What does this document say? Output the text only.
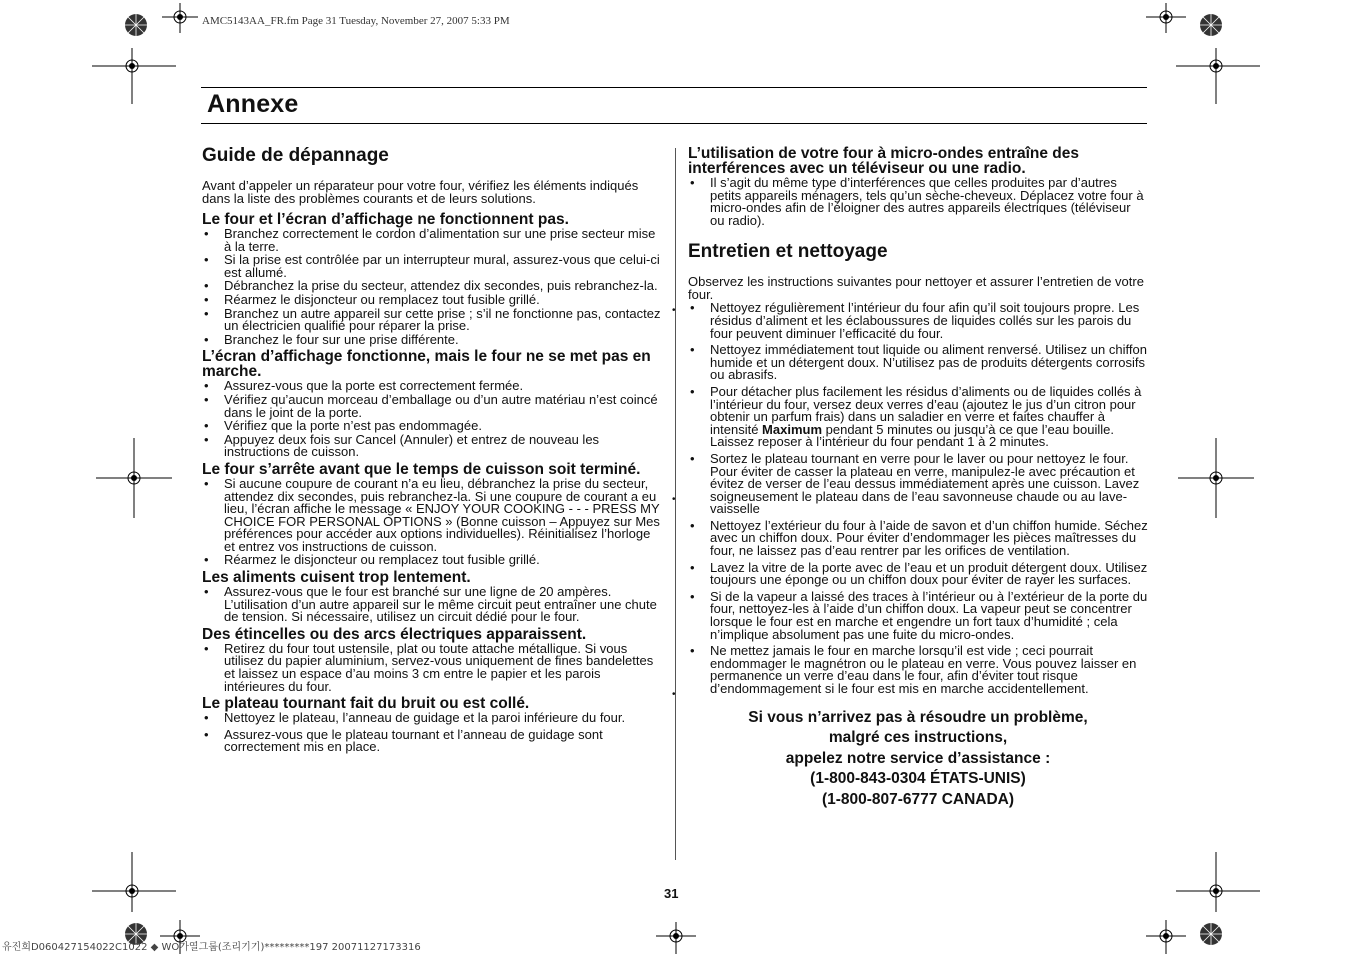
AMC5143AA_FR.fm Page 31 Tuesday, November 27, 2007 5:33 PM
Annexe
Guide de dépannage

Avant d’appeler un réparateur pour votre four, vérifiez les éléments indiqués dans la liste des problèmes courants et de leurs solutions.

Le four et l’écran d’affichage ne fonctionnent pas.
• Branchez correctement le cordon d’alimentation sur une prise secteur mise à la terre.
• Si la prise est contrôlée par un interrupteur mural, assurez-vous que celui-ci est allumé.
• Débranchez la prise du secteur, attendez dix secondes, puis rebranchez-la.
• Réarmez le disjoncteur ou remplacez tout fusible grillé.
• Branchez un autre appareil sur cette prise ; s’il ne fonctionne pas, contactez un électricien qualifié pour réparer la prise.
• Branchez le four sur une prise différente.
L’écran d’affichage fonctionne, mais le four ne se met pas en marche.
• Assurez-vous que la porte est correctement fermée.
• Vérifiez qu’aucun morceau d’emballage ou d’un autre matériau n’est coincé dans le joint de la porte.
• Vérifiez que la porte n’est pas endommagée.
• Appuyez deux fois sur Cancel (Annuler) et entrez de nouveau les instructions de cuisson.
Le four s’arrête avant que le temps de cuisson soit terminé.
• Si aucune coupure de courant n’a eu lieu, débranchez la prise du secteur, attendez dix secondes, puis rebranchez-la. Si une coupure de courant a eu lieu, l’écran affiche le message « ENJOY YOUR COOKING - - - PRESS MY CHOICE FOR PERSONAL OPTIONS » (Bonne cuisson – Appuyez sur Mes préférences pour accéder aux options individuelles). Réinitialisez l’horloge et entrez vos instructions de cuisson.
• Réarmez le disjoncteur ou remplacez tout fusible grillé.
Les aliments cuisent trop lentement.
• Assurez-vous que le four est branché sur une ligne de 20 ampères. L’utilisation d’un autre appareil sur le même circuit peut entraîner une chute de tension. Si nécessaire, utilisez un circuit dédié pour le four.
Des étincelles ou des arcs électriques apparaissent.
• Retirez du four tout ustensile, plat ou toute attache métallique. Si vous utilisez du papier aluminium, servez-vous uniquement de fines bandelettes et laissez un espace d’au moins 3 cm entre le papier et les parois intérieures du four.
Le plateau tournant fait du bruit ou est collé.
• Nettoyez le plateau, l’anneau de guidage et la paroi inférieure du four.
• Assurez-vous que le plateau tournant et l’anneau de guidage sont correctement mis en place.
L’utilisation de votre four à micro-ondes entraîne des interférences avec un téléviseur ou une radio.
• Il s’agit du même type d’interférences que celles produites par d’autres petits appareils ménagers, tels qu’un sèche-cheveux. Déplacez votre four à micro-ondes afin de l’éloigner des autres appareils électriques (téléviseur ou radio).
Entretien et nettoyage

Observez les instructions suivantes pour nettoyer et assurer l’entretien de votre four.

• Nettoyez régulièrement l’intérieur du four afin qu’il soit toujours propre. Les résidus d’aliment et les éclaboussures de liquides collés sur les parois du four peuvent diminuer l’efficacité du four.
• Nettoyez immédiatement tout liquide ou aliment renversé. Utilisez un chiffon humide et un détergent doux. N’utilisez pas de produits détergents corrosifs ou abrasifs.
• Pour détacher plus facilement les résidus d’aliments ou de liquides collés à l’intérieur du four, versez deux verres d’eau (ajoutez le jus d’un citron pour obtenir un parfum frais) dans un saladier en verre et faites chauffer à intensité Maximum pendant 5 minutes ou jusqu’à ce que l’eau bouille. Laissez reposer à l’intérieur du four pendant 1 à 2 minutes.
• Sortez le plateau tournant en verre pour le laver ou pour nettoyez le four. Pour éviter de casser la plateau en verre, manipulez-le avec précaution et évitez de verser de l’eau dessus immédiatement après une cuisson. Lavez soigneusement le plateau dans de l’eau savonneuse chaude ou au lave-vaisselle
• Nettoyez l’extérieur du four à l’aide de savon et d’un chiffon humide. Séchez avec un chiffon doux. Pour éviter d’endommager les pièces maîtresses du four, ne laissez pas d’eau rentrer par les orifices de ventilation.
• Lavez la vitre de la porte avec de l’eau et un produit détergent doux. Utilisez toujours une éponge ou un chiffon doux pour éviter de rayer les surfaces.
• Si de la vapeur a laissé des traces à l’intérieur ou à l’extérieur de la porte du four, nettoyez-les à l’aide d’un chiffon doux. La vapeur peut se concentrer lorsque le four est en marche et engendre un fort taux d’humidité ; cela n’implique absolument pas une fuite du micro-ondes.
• Ne mettez jamais le four en marche lorsqu’il est vide ; ceci pourrait endommager le magnétron ou le plateau en verre. Vous pouvez laisser en permanence un verre d’eau dans le four, afin d’éviter tout risque d’endommagement si le four est mis en marche accidentellement.
Si vous n’arrivez pas à résoudre un problème,
malgré ces instructions,
appelez notre service d’assistance :
(1-800-843-0304 ÉTATS-UNIS)
(1-800-807-6777 CANADA)
•
•
•
31
유진희D060427154022C1022 ◆ WO가열그룹(조리기기)*********197 20071127173316
